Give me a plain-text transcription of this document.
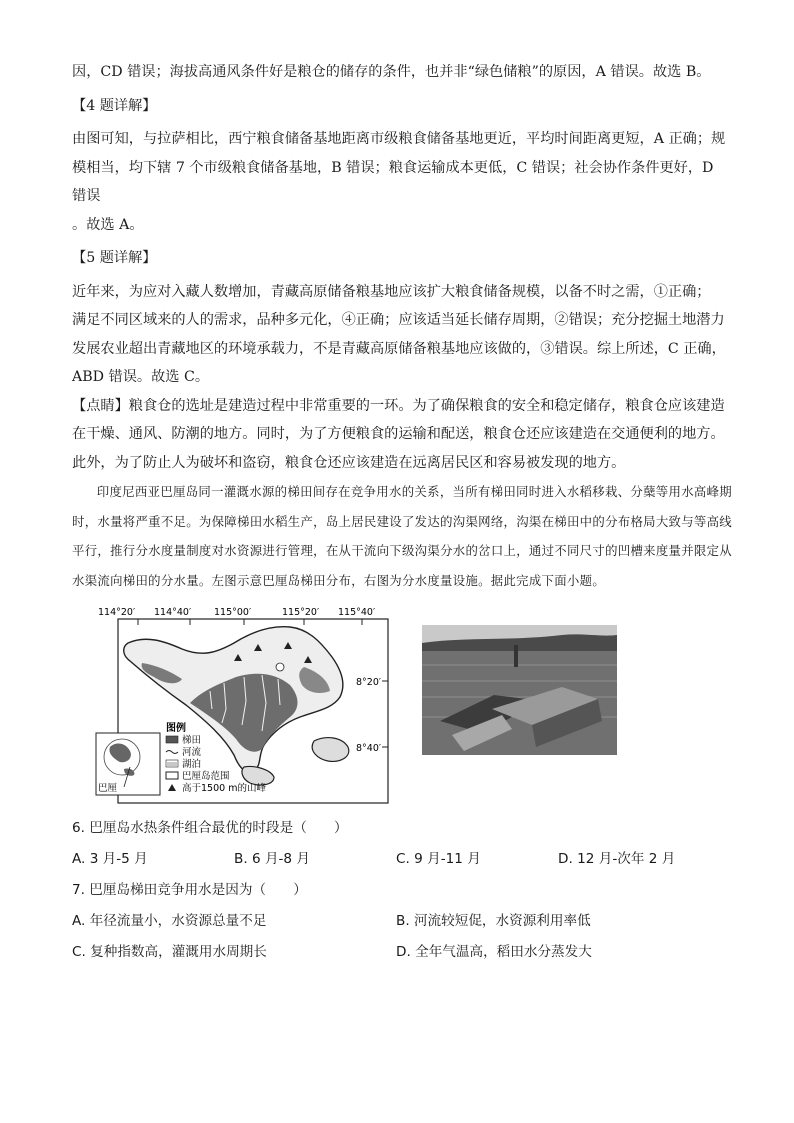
因，CD 错误；海拔高通风条件好是粮仓的储存的条件，也并非“绿色储粮”的原因，A 错误。故选 B。

【4 题详解】

由图可知，与拉萨相比，西宁粮食储备基地距离市级粮食储备基地更近，平均时间距离更短，A 正确；规

模相当，均下辖 7 个市级粮食储备基地，B 错误；粮食运输成本更低，C 错误；社会协作条件更好，D 错误

。故选 A。

【5 题详解】

近年来，为应对入藏人数增加，青藏高原储备粮基地应该扩大粮食储备规模，以备不时之需，①正确；

满足不同区域来的人的需求，品种多元化，④正确；应该适当延长储存周期，②错误；充分挖掘土地潜力

发展农业超出青藏地区的环境承载力，不是青藏高原储备粮基地应该做的，③错误。综上所述，C 正确，

ABD 错误。故选 C。

【点睛】粮食仓的选址是建造过程中非常重要的一环。为了确保粮食的安全和稳定储存，粮食仓应该建造

在干燥、通风、防潮的地方。同时，为了方便粮食的运输和配送，粮食仓还应该建造在交通便利的地方。

此外，为了防止人为破坏和盗窃，粮食仓还应该建造在远离居民区和容易被发现的地方。

印度尼西亚巴厘岛同一灌溉水源的梯田间存在竞争用水的关系，当所有梯田同时进入水稻移栽、分蘖等用水高峰期时，水量将严重不足。为保障梯田水稻生产，岛上居民建设了发达的沟渠网络，沟渠在梯田中的分布格局大致与等高线平行，推行分水度量制度对水资源进行管理，在从干流向下级沟渠分水的岔口上，通过不同尺寸的凹槽来度量并限定从水渠流向梯田的分水量。左图示意巴厘岛梯田分布，右图为分水度量设施。据此完成下面小题。

114°20′ 114°40′ 115°00′	115°20′ 115°40′
8°20′
8°40′
图例
梯田
河流
湖泊
巴厘岛范围
高于1500 m的山峰
巴厘

6. 巴厘岛水热条件组合最优的时段是（　　）

A. 3 月-5 月	B. 6 月-8 月	C. 9 月-11 月	D. 12 月-次年 2 月

7. 巴厘岛梯田竞争用水是因为（　　）

A. 年径流量小，水资源总量不足	B. 河流较短促，水资源利用率低
C. 复种指数高，灌溉用水周期长	D. 全年气温高，稻田水分蒸发大
